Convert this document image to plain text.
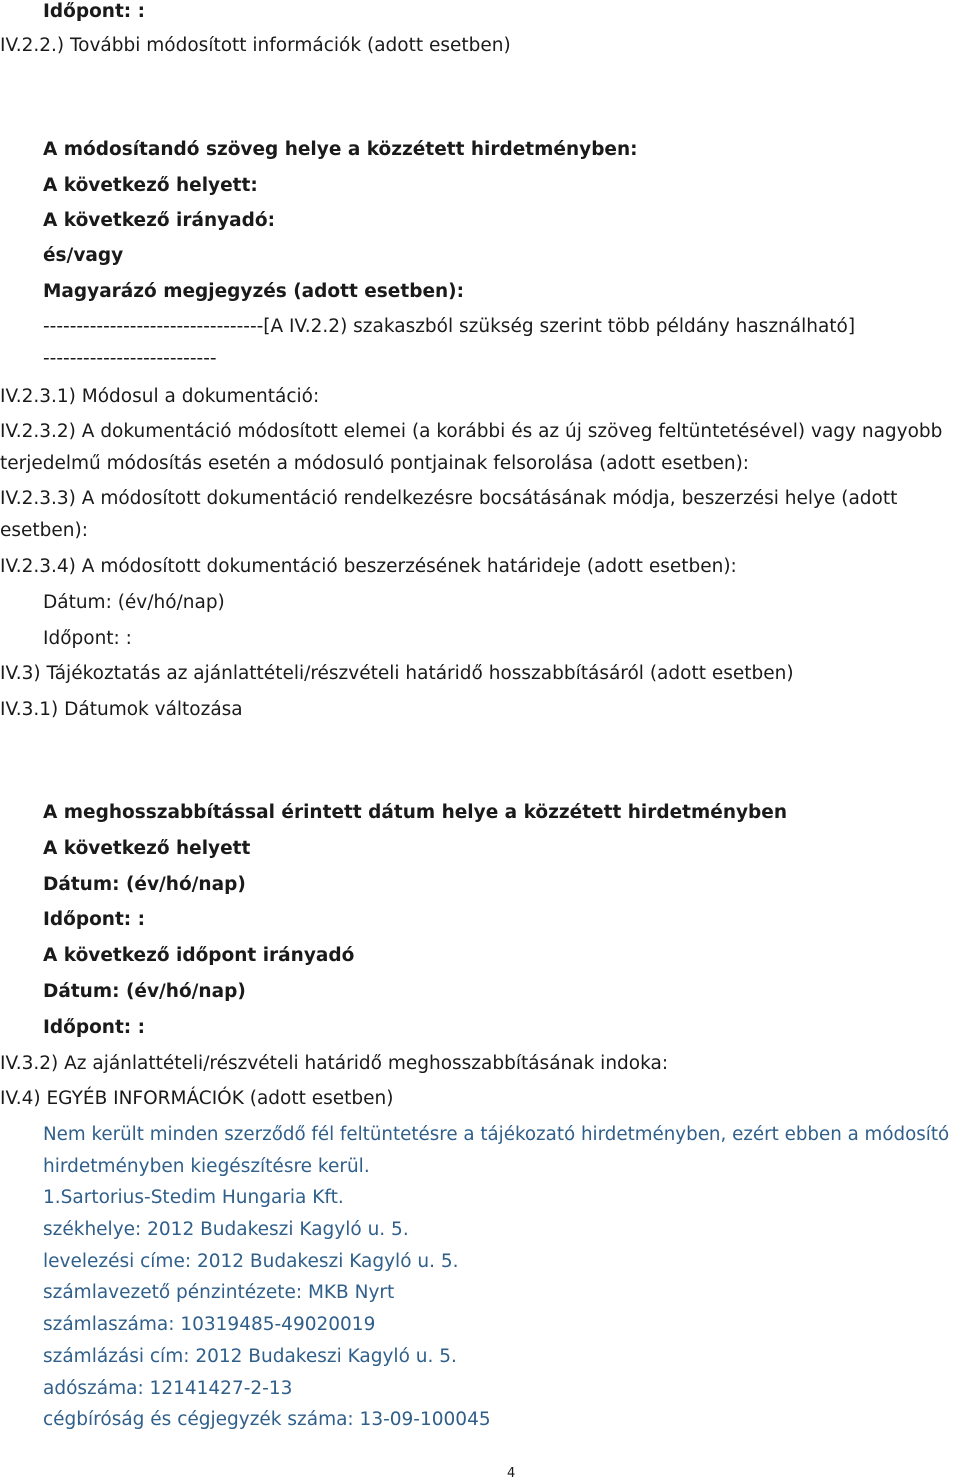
Időpont: :
IV.2.2.) További módosított információk (adott esetben)
A módosítandó szöveg helye a közzétett hirdetményben:
A következő helyett:
A következő irányadó:
és/vagy
Magyarázó megjegyzés (adott esetben):
---------------------------------[A IV.2.2) szakaszból szükség szerint több példány használható]
--------------------------
IV.2.3.1) Módosul a dokumentáció:
IV.2.3.2) A dokumentáció módosított elemei (a korábbi és az új szöveg feltüntetésével) vagy nagyobb
terjedelmű módosítás esetén a módosuló pontjainak felsorolása (adott esetben):
IV.2.3.3) A módosított dokumentáció rendelkezésre bocsátásának módja, beszerzési helye (adott
esetben):
IV.2.3.4) A módosított dokumentáció beszerzésének határideje (adott esetben):
Dátum: (év/hó/nap)
Időpont: :
IV.3) Tájékoztatás az ajánlattételi/részvételi határidő hosszabbításáról (adott esetben)
IV.3.1) Dátumok változása
A meghosszabbítással érintett dátum helye a közzétett hirdetményben
A következő helyett
Dátum: (év/hó/nap)
Időpont: :
A következő időpont irányadó
Dátum: (év/hó/nap)
Időpont: :
IV.3.2) Az ajánlattételi/részvételi határidő meghosszabbításának indoka:
IV.4) EGYÉB INFORMÁCIÓK (adott esetben)
Nem került minden szerződő fél feltüntetésre a tájékozató hirdetményben, ezért ebben a módosító
hirdetményben kiegészítésre kerül.
1.Sartorius-Stedim Hungaria Kft.
székhelye: 2012 Budakeszi Kagyló u. 5.
levelezési címe: 2012 Budakeszi Kagyló u. 5.
számlavezető pénzintézete: MKB Nyrt
számlaszáma: 10319485-49020019
számlázási cím: 2012 Budakeszi Kagyló u. 5.
adószáma: 12141427-2-13
cégbíróság és cégjegyzék száma: 13-09-100045
4
